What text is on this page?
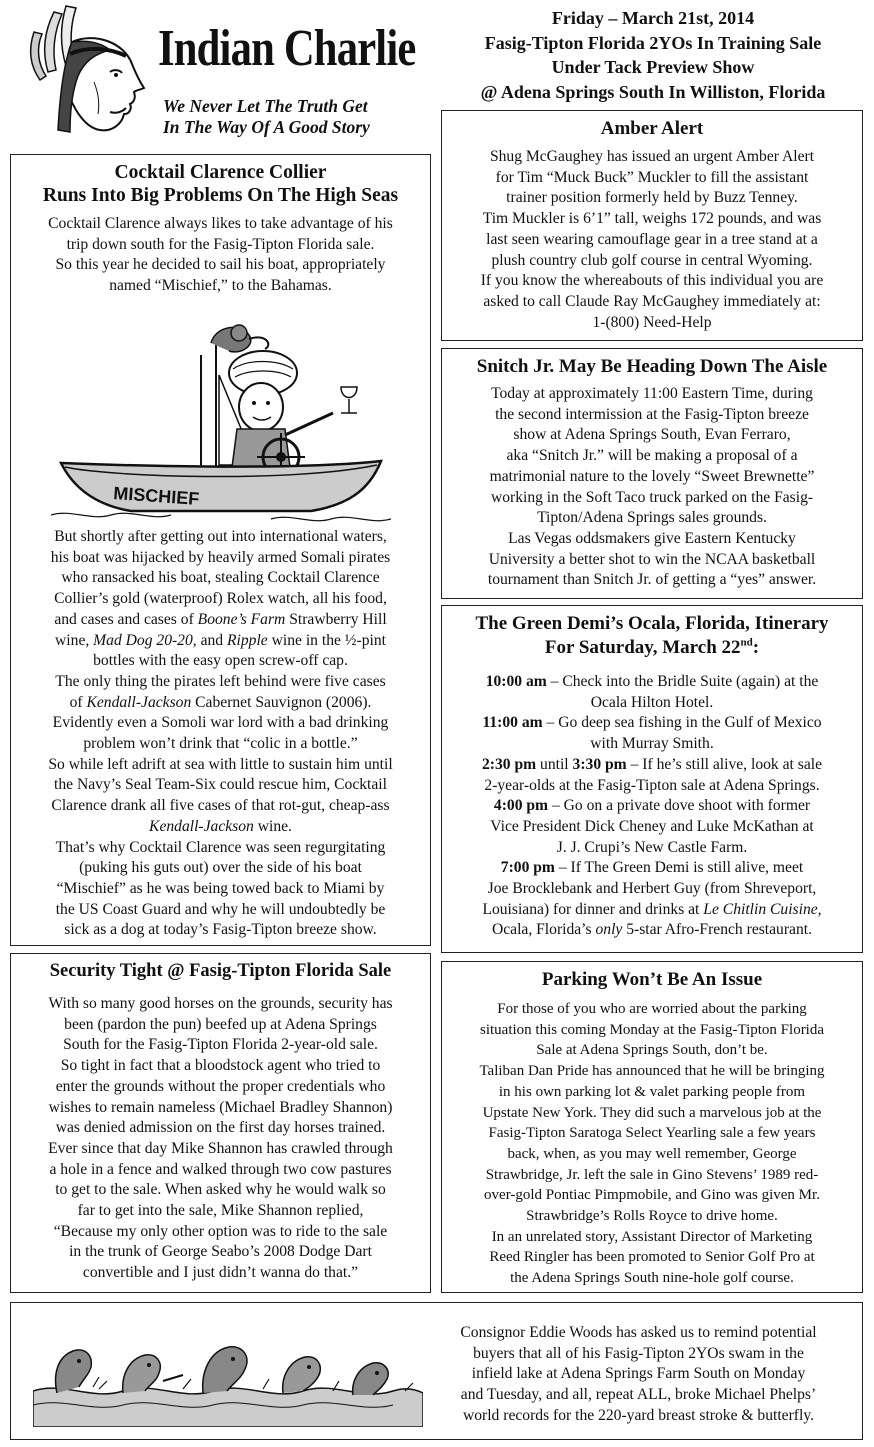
Indian Charlie
We Never Let The Truth Get
In The Way Of A Good Story
Friday – March 21st, 2014
Fasig-Tipton Florida 2YOs In Training Sale
Under Tack Preview Show
@ Adena Springs South In Williston, Florida
Amber Alert

Shug McGaughey has issued an urgent Amber Alert

for Tim “Muck Buck” Muckler to fill the assistant

trainer position formerly held by Buzz Tenney.

Tim Muckler is 6’1” tall, weighs 172 pounds, and was

last seen wearing camouflage gear in a tree stand at a

plush country club golf course in central Wyoming.

If you know the whereabouts of this individual you are

asked to call Claude Ray McGaughey immediately at:

1-(800) Need-Help

Cocktail Clarence Collier
Runs Into Big Problems On The High Seas

Cocktail Clarence always likes to take advantage of his

trip down south for the Fasig-Tipton Florida sale.

So this year he decided to sail his boat, appropriately

named “Mischief,” to the Bahamas.

MISCHIEF

But shortly after getting out into international waters,

his boat was hijacked by heavily armed Somali pirates

who ransacked his boat, stealing Cocktail Clarence

Collier’s gold (waterproof) Rolex watch, all his food,

and cases and cases of Boone’s Farm Strawberry Hill

wine, Mad Dog 20-20, and Ripple wine in the ½-pint

bottles with the easy open screw-off cap.

The only thing the pirates left behind were five cases

of Kendall-Jackson Cabernet Sauvignon (2006).

Evidently even a Somoli war lord with a bad drinking

problem won’t drink that “colic in a bottle.”

So while left adrift at sea with little to sustain him until

the Navy’s Seal Team-Six could rescue him, Cocktail

Clarence drank all five cases of that rot-gut, cheap-ass

Kendall-Jackson wine.

That’s why Cocktail Clarence was seen regurgitating

(puking his guts out) over the side of his boat

“Mischief” as he was being towed back to Miami by

the US Coast Guard and why he will undoubtedly be

sick as a dog at today’s Fasig-Tipton breeze show.

Snitch Jr. May Be Heading Down The Aisle

Today at approximately 11:00 Eastern Time, during

the second intermission at the Fasig-Tipton breeze

show at Adena Springs South, Evan Ferraro,

aka “Snitch Jr.” will be making a proposal of a

matrimonial nature to the lovely “Sweet Brewnette”

working in the Soft Taco truck parked on the Fasig-

Tipton/Adena Springs sales grounds.

Las Vegas oddsmakers give Eastern Kentucky

University a better shot to win the NCAA basketball

tournament than Snitch Jr. of getting a “yes” answer.

The Green Demi’s Ocala, Florida, Itinerary
For Saturday, March 22nd:

10:00 am – Check into the Bridle Suite (again) at the

Ocala Hilton Hotel.

11:00 am – Go deep sea fishing in the Gulf of Mexico

with Murray Smith.

2:30 pm until 3:30 pm – If he’s still alive, look at sale

2-year-olds at the Fasig-Tipton sale at Adena Springs.

4:00 pm – Go on a private dove shoot with former

Vice President Dick Cheney and Luke McKathan at

J. J. Crupi’s New Castle Farm.

7:00 pm – If The Green Demi is still alive, meet

Joe Brocklebank and Herbert Guy (from Shreveport,

Louisiana) for dinner and drinks at Le Chitlin Cuisine,

Ocala, Florida’s only 5-star Afro-French restaurant.

Security Tight @ Fasig-Tipton Florida Sale

With so many good horses on the grounds, security has

been (pardon the pun) beefed up at Adena Springs

South for the Fasig-Tipton Florida 2-year-old sale.

So tight in fact that a bloodstock agent who tried to

enter the grounds without the proper credentials who

wishes to remain nameless (Michael Bradley Shannon)

was denied admission on the first day horses trained.

Ever since that day Mike Shannon has crawled through

a hole in a fence and walked through two cow pastures

to get to the sale. When asked why he would walk so

far to get into the sale, Mike Shannon replied,

“Because my only other option was to ride to the sale

in the trunk of George Seabo’s 2008 Dodge Dart

convertible and I just didn’t wanna do that.”

Parking Won’t Be An Issue

For those of you who are worried about the parking

situation this coming Monday at the Fasig-Tipton Florida

Sale at Adena Springs South, don’t be.

Taliban Dan Pride has announced that he will be bringing

in his own parking lot & valet parking people from

Upstate New York. They did such a marvelous job at the

Fasig-Tipton Saratoga Select Yearling sale a few years

back, when, as you may well remember, George

Strawbridge, Jr. left the sale in Gino Stevens’ 1989 red-

over-gold Pontiac Pimpmobile, and Gino was given Mr.

Strawbridge’s Rolls Royce to drive home.

In an unrelated story, Assistant Director of Marketing

Reed Ringler has been promoted to Senior Golf Pro at

the Adena Springs South nine-hole golf course.

Consignor Eddie Woods has asked us to remind potential

buyers that all of his Fasig-Tipton 2YOs swam in the

infield lake at Adena Springs Farm South on Monday

and Tuesday, and all, repeat ALL, broke Michael Phelps’

world records for the 220-yard breast stroke & butterfly.
